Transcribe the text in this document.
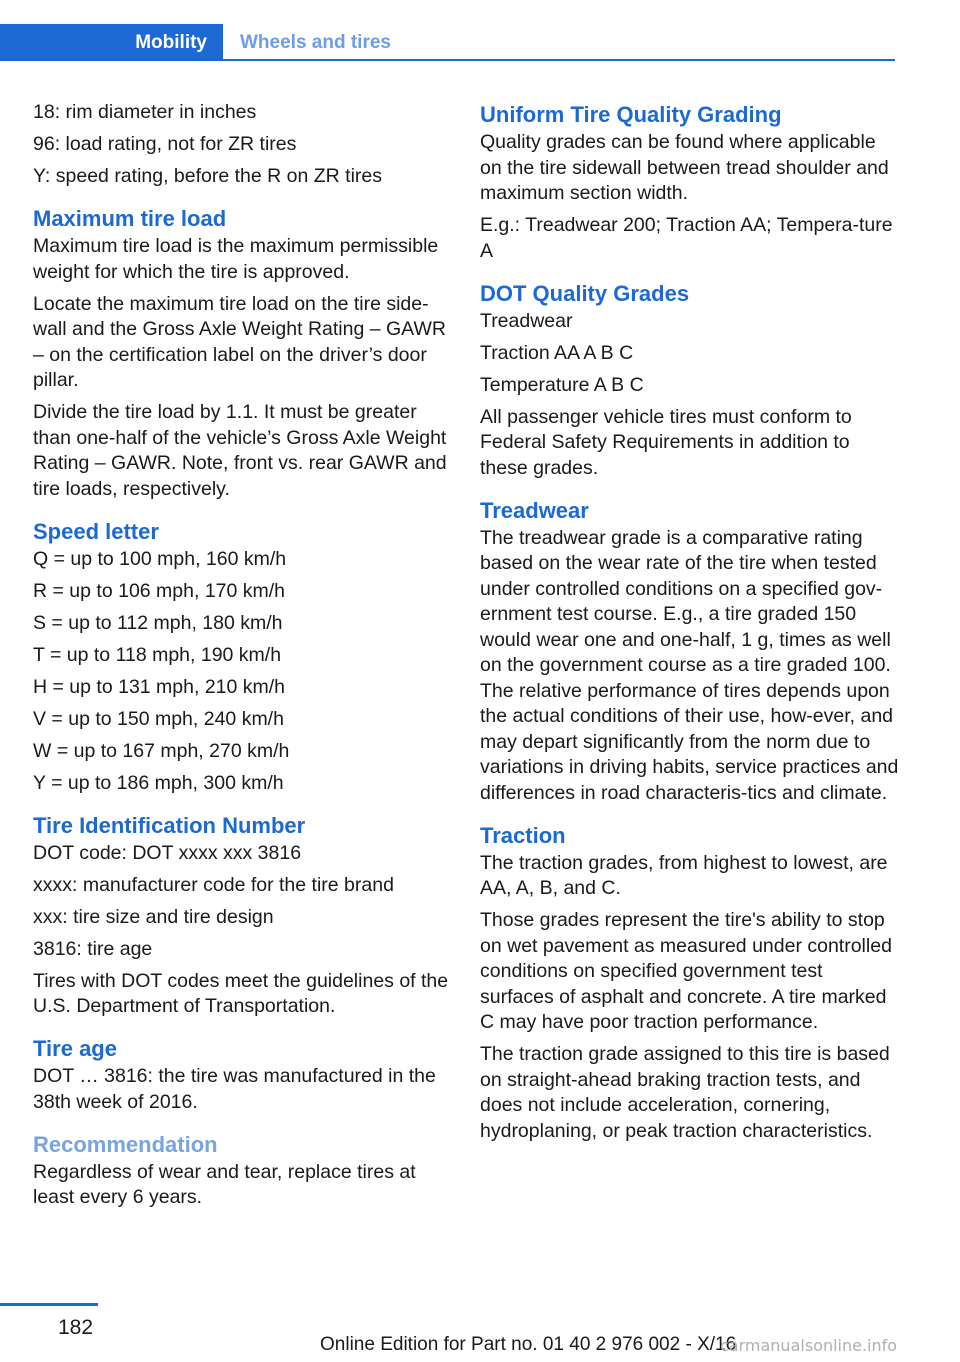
Mobility Wheels and tires

18: rim diameter in inches

96: load rating, not for ZR tires

Y: speed rating, before the R on ZR tires

Maximum tire load

Maximum tire load is the maximum permissible weight for which the tire is approved.

Locate the maximum tire load on the tire side-wall and the Gross Axle Weight Rating – GAWR – on the certification label on the driver’s door pillar.

Divide the tire load by 1.1. It must be greater than one-half of the vehicle’s Gross Axle Weight Rating – GAWR. Note, front vs. rear GAWR and tire loads, respectively.

Speed letter

Q = up to 100 mph, 160 km/h

R = up to 106 mph, 170 km/h

S = up to 112 mph, 180 km/h

T = up to 118 mph, 190 km/h

H = up to 131 mph, 210 km/h

V = up to 150 mph, 240 km/h

W = up to 167 mph, 270 km/h

Y = up to 186 mph, 300 km/h

Tire Identification Number

DOT code: DOT xxxx xxx 3816

xxxx: manufacturer code for the tire brand

xxx: tire size and tire design

3816: tire age

Tires with DOT codes meet the guidelines of the U.S. Department of Transportation.

Tire age

DOT … 3816: the tire was manufactured in the 38th week of 2016.

Recommendation

Regardless of wear and tear, replace tires at least every 6 years.

Uniform Tire Quality Grading

Quality grades can be found where applicable on the tire sidewall between tread shoulder and maximum section width.

E.g.: Treadwear 200; Traction AA; Tempera-ture A

DOT Quality Grades

Treadwear

Traction AA A B C

Temperature A B C

All passenger vehicle tires must conform to Federal Safety Requirements in addition to these grades.

Treadwear

The treadwear grade is a comparative rating based on the wear rate of the tire when tested under controlled conditions on a specified gov-ernment test course. E.g., a tire graded 150 would wear one and one-half, 1 g, times as well on the government course as a tire graded 100. The relative performance of tires depends upon the actual conditions of their use, how-ever, and may depart significantly from the norm due to variations in driving habits, service practices and differences in road characteris-tics and climate.

Traction

The traction grades, from highest to lowest, are AA, A, B, and C.

Those grades represent the tire's ability to stop on wet pavement as measured under controlled conditions on specified government test surfaces of asphalt and concrete. A tire marked C may have poor traction performance.

The traction grade assigned to this tire is based on straight-ahead braking traction tests, and does not include acceleration, cornering, hydroplaning, or peak traction characteristics.

182
Online Edition for Part no. 01 40 2 976 002 - X/16
carmanualsonline.info
